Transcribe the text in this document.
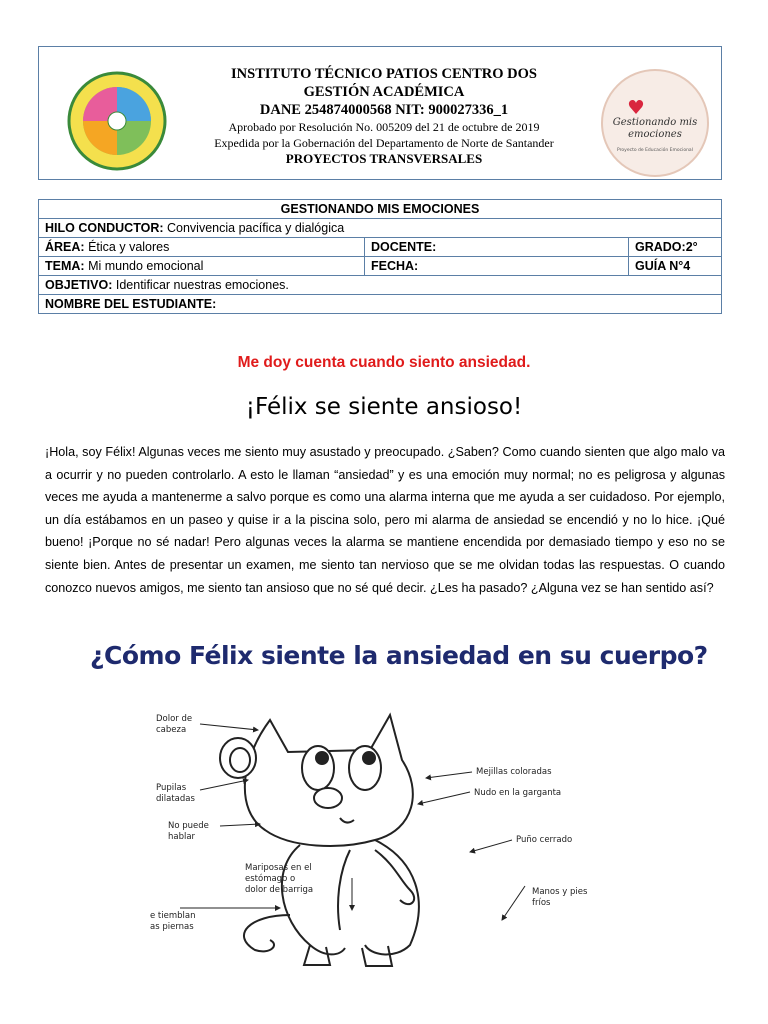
INSTITUTO TÉCNICO PATIOS CENTRO DOS
GESTIÓN ACADÉMICA
DANE 254874000568 NIT: 900027336_1
Aprobado por Resolución No. 005209 del 21 de octubre de 2019
Expedida por la Gobernación del Departamento de Norte de Santander
PROYECTOS TRANSVERSALES
Gestionando mis
emociones
Proyecto de Educación Emocional
GESTIONANDO MIS EMOCIONES		
HILO CONDUCTOR: Convivencia pacífica y dialógica		
ÁREA: Ética y valores	DOCENTE:	GRADO:2°
TEMA: Mi mundo emocional	FECHA:	GUÍA N°4
OBJETIVO: Identificar nuestras emociones.		
NOMBRE DEL ESTUDIANTE:		
Me doy cuenta cuando siento ansiedad.
¡Félix se siente ansioso!
¡Hola, soy Félix! Algunas veces me siento muy asustado y preocupado. ¿Saben? Como cuando sienten que algo malo va a ocurrir y no pueden controlarlo. A esto le llaman “ansiedad” y es una emoción muy normal; no es peligrosa y algunas veces me ayuda a mantenerme a salvo porque es como una alarma interna que me ayuda a ser cuidadoso. Por ejemplo, un día estábamos en un paseo y quise ir a la piscina solo, pero mi alarma de ansiedad se encendió y no lo hice. ¡Qué bueno! ¡Porque no sé nadar! Pero algunas veces la alarma se mantiene encendida por demasiado tiempo y eso no se siente bien. Antes de presentar un examen, me siento tan nervioso que se me olvidan todas las respuestas. O cuando conozco nuevos amigos, me siento tan ansioso que no sé qué decir. ¿Les ha pasado? ¿Alguna vez se han sentido así?
¿Cómo Félix siente la ansiedad en su cuerpo?
Dolor de
cabeza
Pupilas
dilatadas
No puede
hablar
Mariposas en el
estómago o
dolor de barriga
e tiemblan
as piernas
Mejillas coloradas
Nudo en la garganta
Puño cerrado
Manos y pies
fríos
